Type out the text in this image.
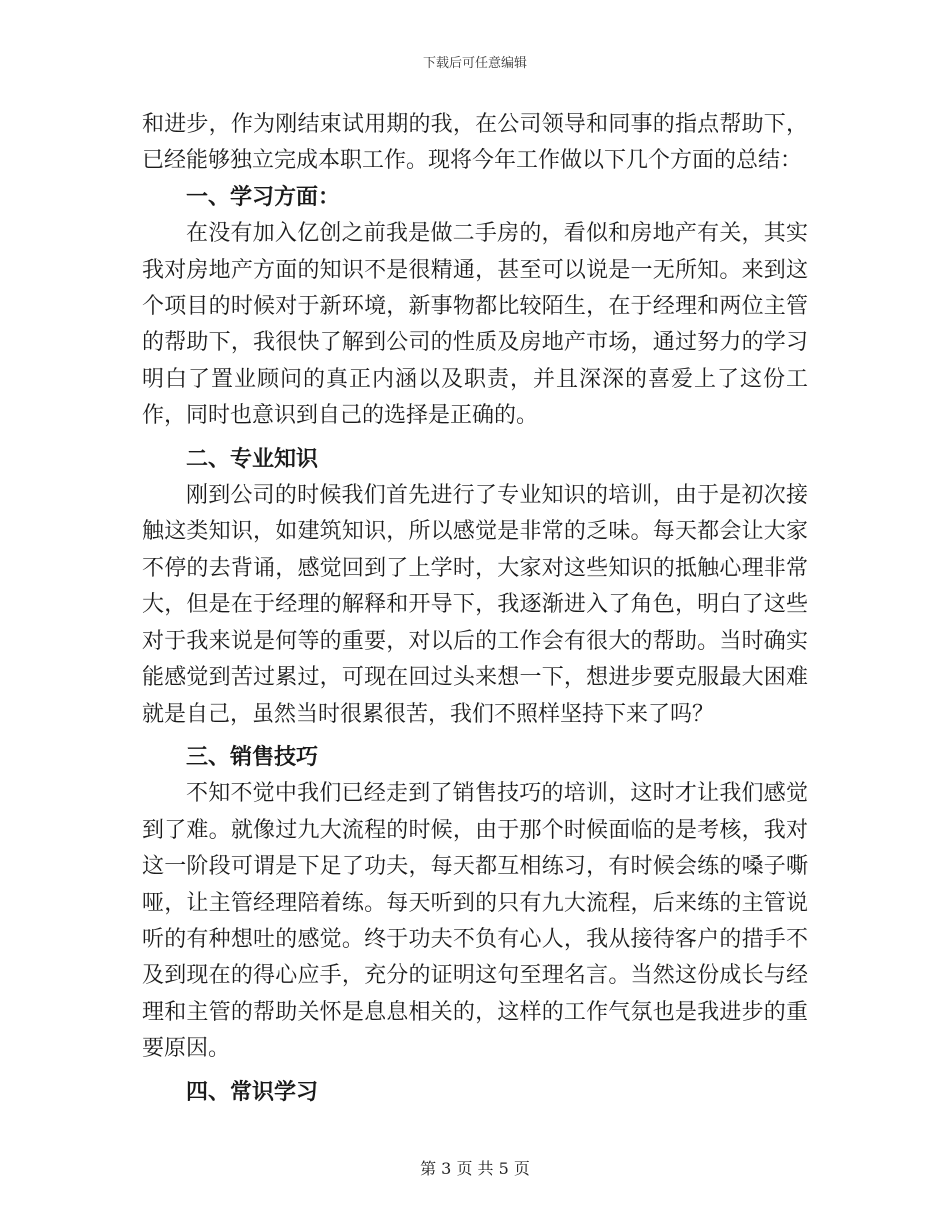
下载后可任意编辑

和进步，作为刚结束试用期的我，在公司领导和同事的指点帮助下，已经能够独立完成本职工作。现将今年工作做以下几个方面的总结：

一、学习方面：

在没有加入亿创之前我是做二手房的，看似和房地产有关，其实我对房地产方面的知识不是很精通，甚至可以说是一无所知。来到这个项目的时候对于新环境，新事物都比较陌生，在于经理和两位主管的帮助下，我很快了解到公司的性质及房地产市场，通过努力的学习明白了置业顾问的真正内涵以及职责，并且深深的喜爱上了这份工作，同时也意识到自己的选择是正确的。

二、专业知识

刚到公司的时候我们首先进行了专业知识的培训，由于是初次接触这类知识，如建筑知识，所以感觉是非常的乏味。每天都会让大家不停的去背诵，感觉回到了上学时，大家对这些知识的抵触心理非常大，但是在于经理的解释和开导下，我逐渐进入了角色，明白了这些对于我来说是何等的重要，对以后的工作会有很大的帮助。当时确实能感觉到苦过累过，可现在回过头来想一下，想进步要克服最大困难就是自己，虽然当时很累很苦，我们不照样坚持下来了吗？

三、销售技巧

不知不觉中我们已经走到了销售技巧的培训，这时才让我们感觉到了难。就像过九大流程的时候，由于那个时候面临的是考核，我对这一阶段可谓是下足了功夫，每天都互相练习，有时候会练的嗓子嘶哑，让主管经理陪着练。每天听到的只有九大流程，后来练的主管说听的有种想吐的感觉。终于功夫不负有心人，我从接待客户的措手不及到现在的得心应手，充分的证明这句至理名言。当然这份成长与经理和主管的帮助关怀是息息相关的，这样的工作气氛也是我进步的重要原因。

四、常识学习

第 3 页 共 5 页
